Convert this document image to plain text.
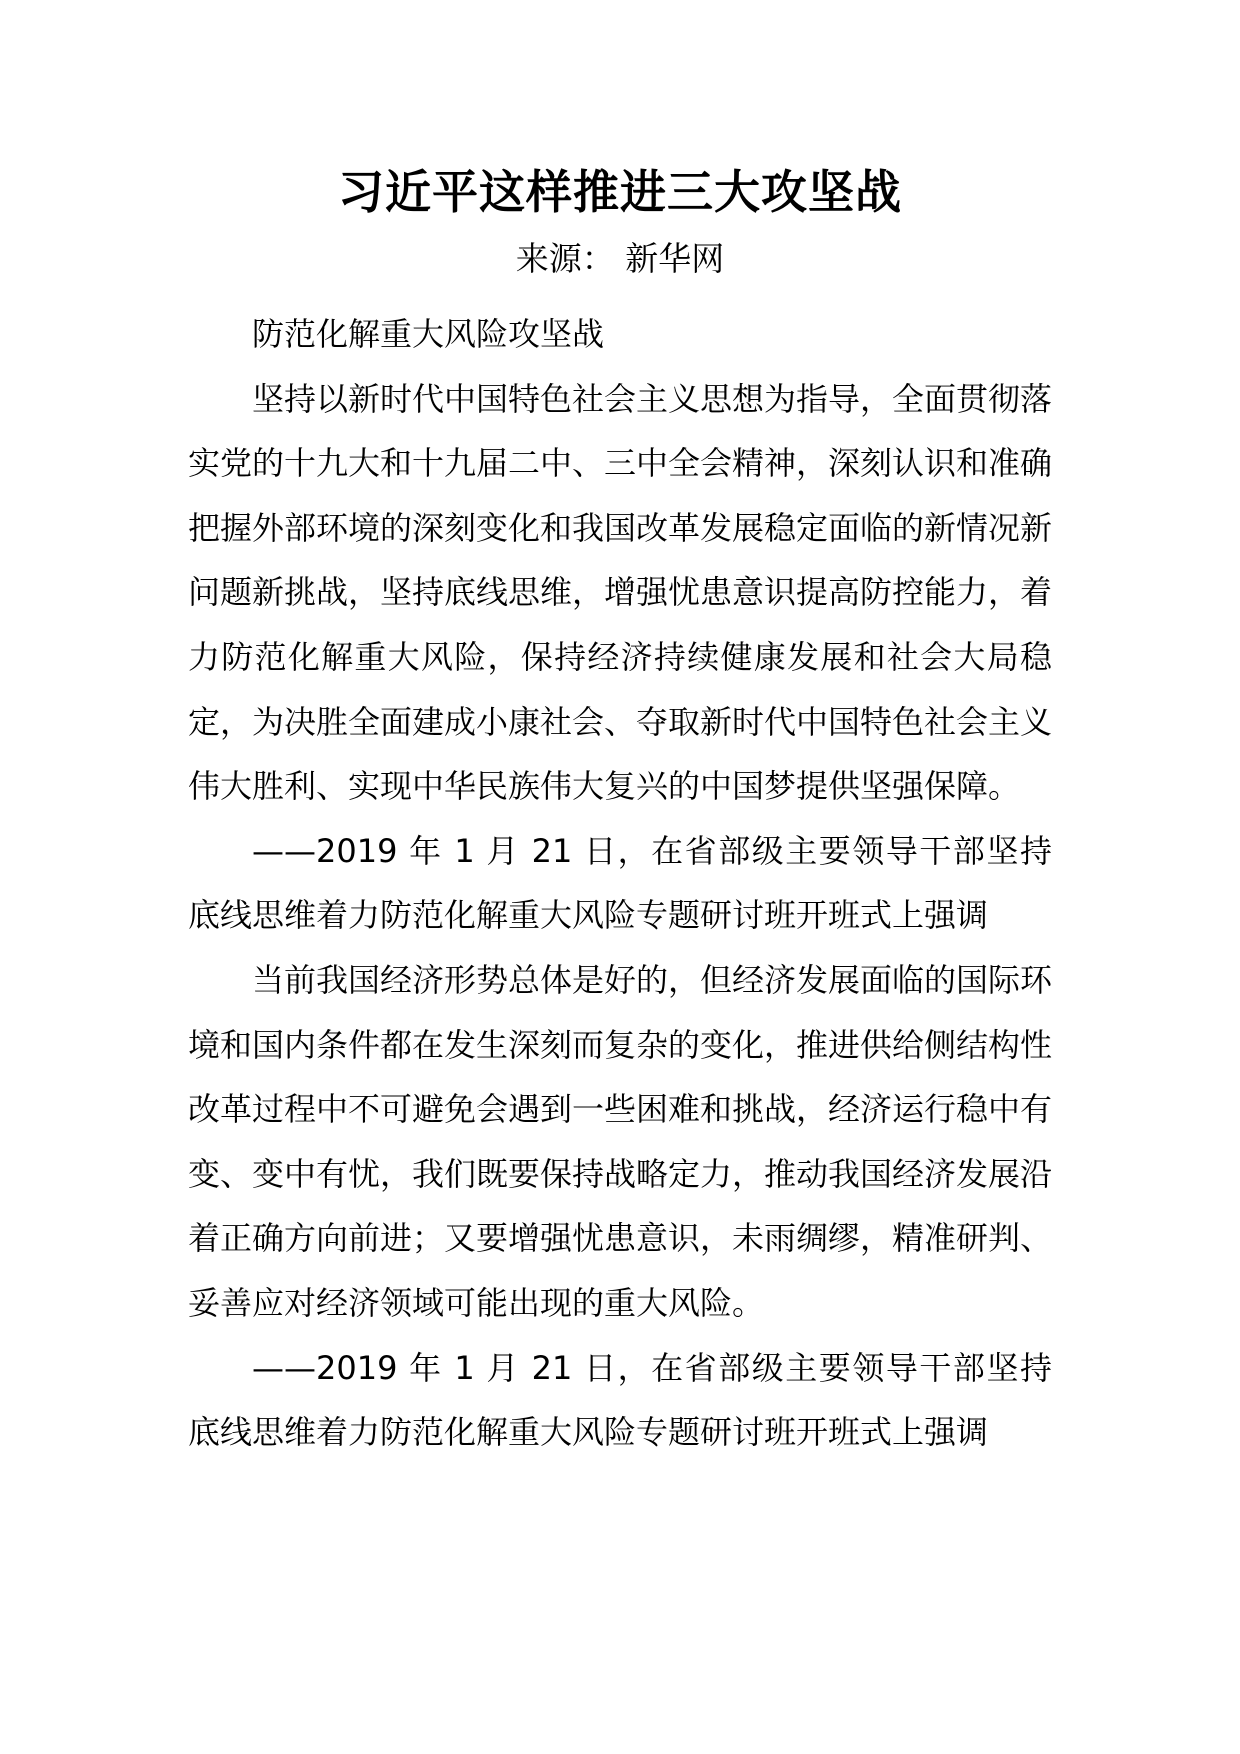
习近平这样推进三大攻坚战
来源： 新华网

防范化解重大风险攻坚战

坚持以新时代中国特色社会主义思想为指导，全面贯彻落实党的十九大和十九届二中、三中全会精神，深刻认识和准确把握外部环境的深刻变化和我国改革发展稳定面临的新情况新问题新挑战，坚持底线思维，增强忧患意识提高防控能力，着力防范化解重大风险，保持经济持续健康发展和社会大局稳定，为决胜全面建成小康社会、夺取新时代中国特色社会主义伟大胜利、实现中华民族伟大复兴的中国梦提供坚强保障。

——2019 年 1 月 21 日，在省部级主要领导干部坚持底线思维着力防范化解重大风险专题研讨班开班式上强调

当前我国经济形势总体是好的，但经济发展面临的国际环境和国内条件都在发生深刻而复杂的变化，推进供给侧结构性改革过程中不可避免会遇到一些困难和挑战，经济运行稳中有变、变中有忧，我们既要保持战略定力，推动我国经济发展沿着正确方向前进；又要增强忧患意识，未雨绸缪，精准研判、妥善应对经济领域可能出现的重大风险。

——2019 年 1 月 21 日，在省部级主要领导干部坚持底线思维着力防范化解重大风险专题研讨班开班式上强调
